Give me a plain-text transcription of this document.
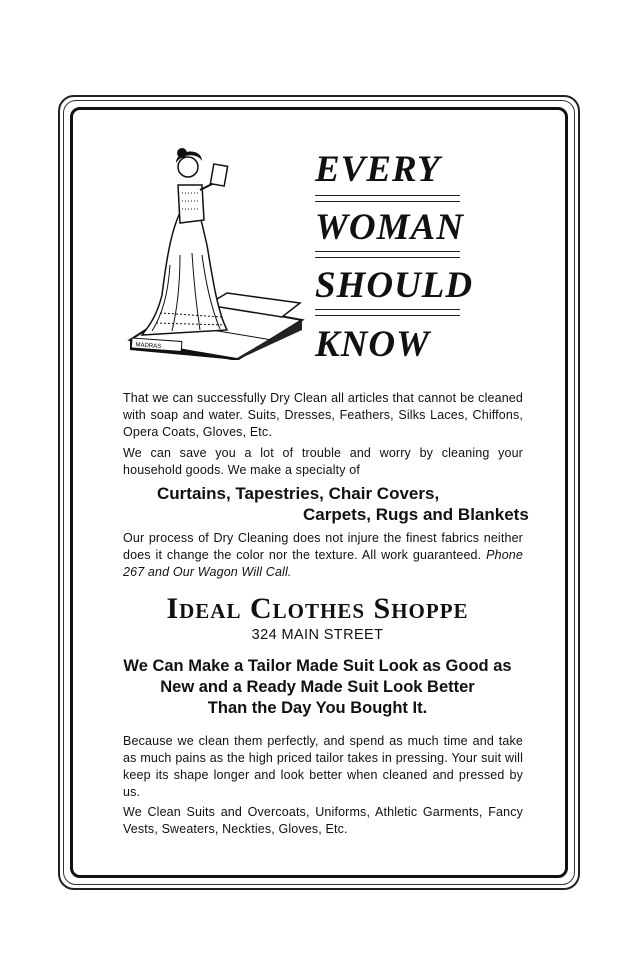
MADRAS
EVERY
WOMAN
SHOULD
KNOW

That we can successfully Dry Clean all articles that cannot be cleaned with soap and water. Suits, Dresses, Feathers, Silks Laces, Chiffons, Opera Coats, Gloves, Etc.

We can save you a lot of trouble and worry by cleaning your household goods. We make a specialty of

Curtains, Tapestries, Chair Covers,

Carpets, Rugs and Blankets

Our process of Dry Cleaning does not injure the finest fabrics neither does it change the color nor the texture. All work guaranteed. Phone 267 and Our Wagon Will Call.

Ideal Clothes Shoppe

324 MAIN STREET

We Can Make a Tailor Made Suit Look as Good as

New and a Ready Made Suit Look Better

Than the Day You Bought It.

Because we clean them perfectly, and spend as much time and take as much pains as the high priced tailor takes in pressing. Your suit will keep its shape longer and look better when cleaned and pressed by us.

We Clean Suits and Overcoats, Uniforms, Athletic Garments, Fancy Vests, Sweaters, Neckties, Gloves, Etc.
